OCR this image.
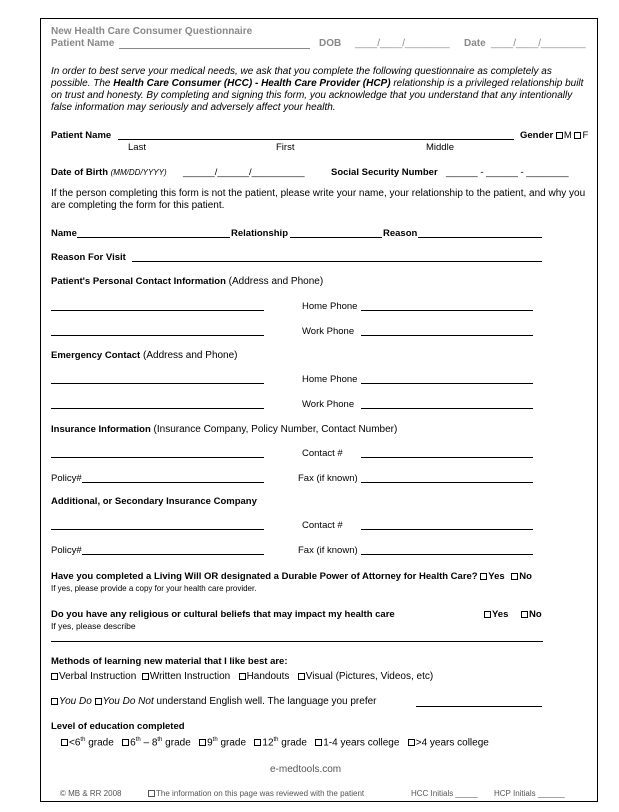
New Health Care Consumer Questionnaire
Patient Name	DOB ____/____/________ Date ____/____/________
In order to best serve your medical needs, we ask that you complete the following questionnaire as completely as possible. The Health Care Consumer (HCC) - Health Care Provider (HCP) relationship is a privileged relationship built on trust and honesty. By completing and signing this form, you acknowledge that you understand that any intentionally false information may seriously and adversely affect your health.
Patient Name
Last	First	Middle
Gender M F
Date of Birth (MM/DD/YYYY) ______/______/__________	Social Security Number ______ - ______ - ________
If the person completing this form is not the patient, please write your name, your relationship to the patient, and why you are completing the form for this patient.
Name	Relationship	Reason
Reason For Visit
Patient's Personal Contact Information (Address and Phone)
Home Phone
Work Phone
Emergency Contact (Address and Phone)
Home Phone
Work Phone
Insurance Information (Insurance Company, Policy Number, Contact Number)
Contact #
Policy#	Fax (if known)
Additional, or Secondary Insurance Company
Contact #
Policy#	Fax (if known)
Have you completed a Living Will OR designated a Durable Power of Attorney for Health Care? Yes No
If yes, please provide a copy for your health care provider.
Do you have any religious or cultural beliefs that may impact my health care	Yes No
If yes, please describe
Methods of learning new material that I like best are:
Verbal Instruction Written Instruction Handouts Visual (Pictures, Videos, etc)
You Do You Do Not understand English well. The language you prefer
Level of education completed
<6th grade 6th – 8th grade 9th grade 12th grade 1-4 years college >4 years college
e-medtools.com
© MB & RR 2008	The information on this page was reviewed with the patient	HCC Initials _____ HCP Initials ______
